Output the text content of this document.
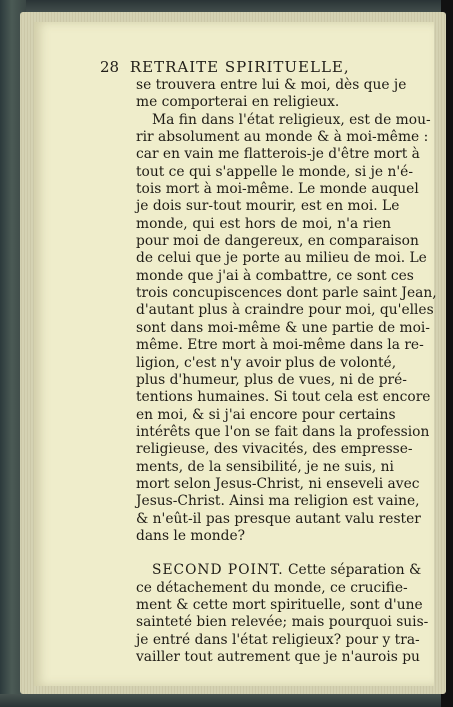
28 RETRAITE SPIRITUELLE,
se trouvera entre lui & moi, dès que je
me comporterai en religieux.
Ma fin dans l'état religieux, est de mou-
rir absolument au monde & à moi-même :
car en vain me flatterois-je d'être mort à
tout ce qui s'appelle le monde, si je n'é-
tois mort à moi-même. Le monde auquel
je dois sur-tout mourir, est en moi. Le
monde, qui est hors de moi, n'a rien
pour moi de dangereux, en comparaison
de celui que je porte au milieu de moi. Le
monde que j'ai à combattre, ce sont ces
trois concupiscences dont parle saint Jean,
d'autant plus à craindre pour moi, qu'elles
sont dans moi-même & une partie de moi-
même. Etre mort à moi-même dans la re-
ligion, c'est n'y avoir plus de volonté,
plus d'humeur, plus de vues, ni de pré-
tentions humaines. Si tout cela est encore
en moi, & si j'ai encore pour certains
intérêts que l'on se fait dans la profession
religieuse, des vivacités, des empresse-
ments, de la sensibilité, je ne suis, ni
mort selon Jesus-Christ, ni enseveli avec
Jesus-Christ. Ainsi ma religion est vaine,
& n'eût-il pas presque autant valu rester
dans le monde?
SECOND POINT. Cette séparation &
ce détachement du monde, ce crucifie-
ment & cette mort spirituelle, sont d'une
sainteté bien relevée; mais pourquoi suis-
je entré dans l'état religieux? pour y tra-
vailler tout autrement que je n'aurois pu
